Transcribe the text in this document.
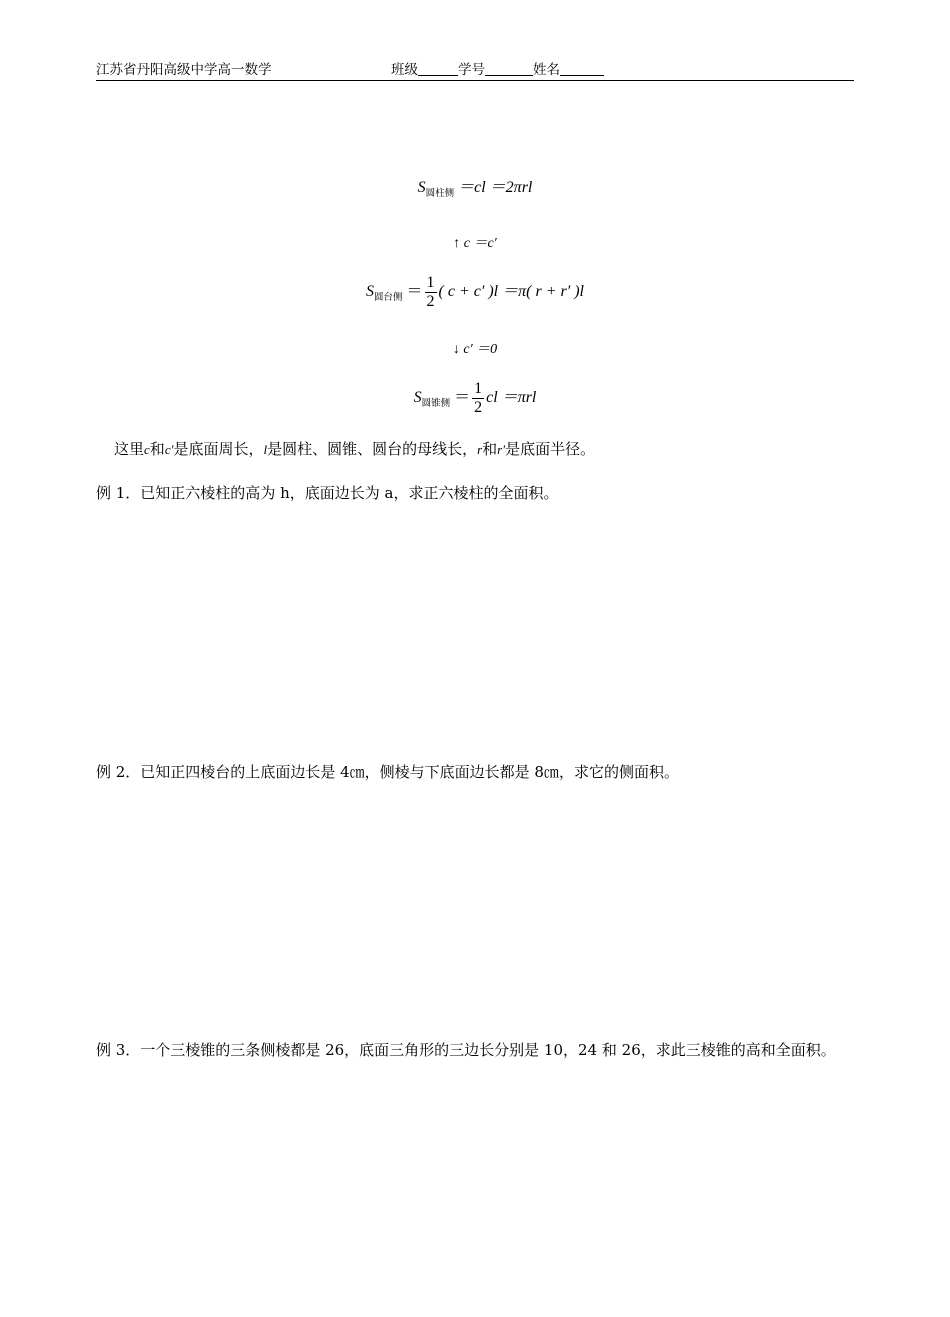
江苏省丹阳高级中学高一数学	班级	学号	姓名
$S_{圆柱侧} =cl =2\pi rl$
↑ c ＝c′
$S_{圆台侧} = \frac{1}{2}$ ( c + c′ )l ＝π( r + r′ )l
↓ c′ ＝0
$S_{圆锥侧} = \frac{1}{2}$ cl ＝πrl
这里c和c′是底面周长，l是圆柱、圆锥、圆台的母线长，r和r′是底面半径。
例 1．已知正六棱柱的高为 h，底面边长为 a，求正六棱柱的全面积。
例 2．已知正四棱台的上底面边长是 4㎝，侧棱与下底面边长都是 8㎝，求它的侧面积。
例 3．一个三棱锥的三条侧棱都是 26，底面三角形的三边长分别是 10，24 和 26，求此三棱锥的高和全面积。
